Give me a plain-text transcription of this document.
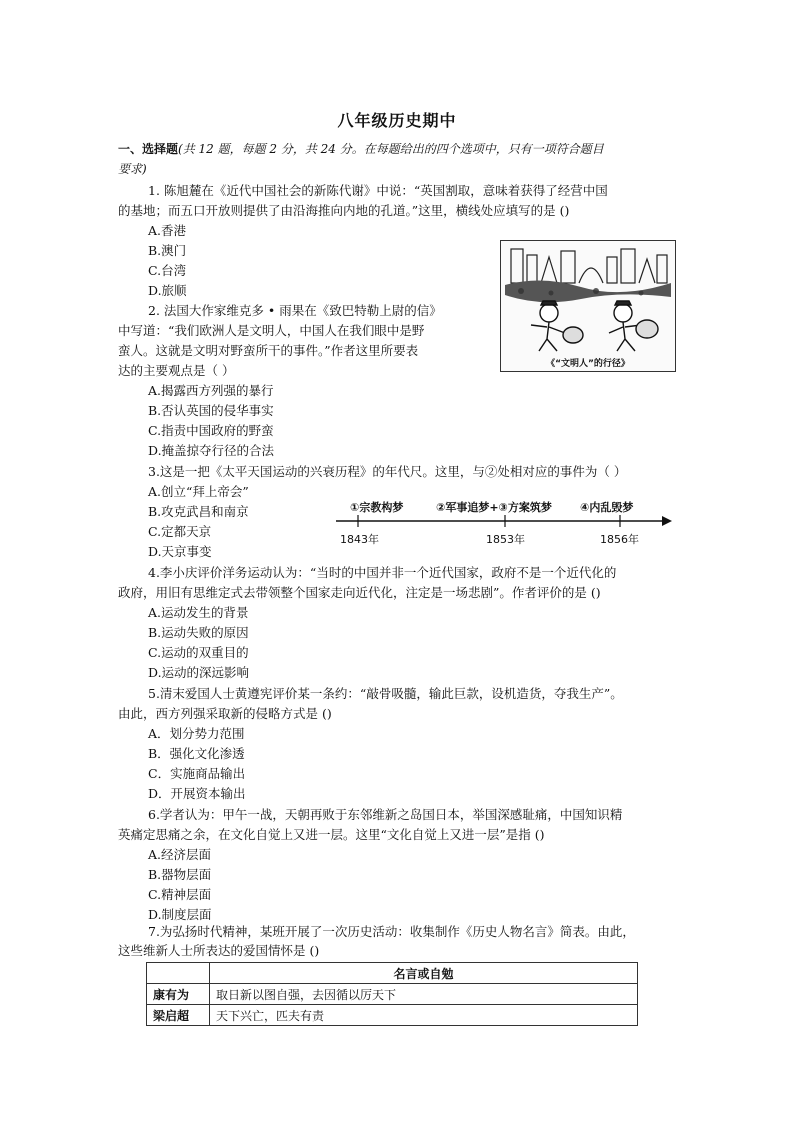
八年级历史期中
一、选择题(共 12 题，每题 2 分，共 24 分。在每题给出的四个选项中，只有一项符合题目
要求)
1. 陈旭麓在《近代中国社会的新陈代谢》中说：“英国割取，意味着获得了经营中国
的基地；而五口开放则提供了由沿海推向内地的孔道。”这里，横线处应填写的是 ()
A.香港
B.澳门
C.台湾
D.旅顺
《“文明人”的行径》
2. 法国大作家维克多 • 雨果在《致巴特勒上尉的信》
中写道：“我们欧洲人是文明人，中国人在我们眼中是野
蛮人。这就是文明对野蛮所干的事件。”作者这里所要表
达的主要观点是（ ）
A.揭露西方列强的暴行
B.否认英国的侵华事实
C.指责中国政府的野蛮
D.掩盖掠夺行径的合法
3.这是一把《太平天国运动的兴衰历程》的年代尺。这里，与②处相对应的事件为（ ）
A.创立“拜上帝会”
B.攻克武昌和南京
C.定都天京
D.天京事变
①宗教构梦	②军事追梦+③方案筑梦	④内乱毁梦
1843年	1853年	1856年
4.李小庆评价洋务运动认为：“当时的中国并非一个近代国家，政府不是一个近代化的
政府，用旧有思维定式去带领整个国家走向近代化，注定是一场悲剧”。作者评价的是 ()
A.运动发生的背景
B.运动失败的原因
C.运动的双重目的
D.运动的深远影响
5.清末爱国人士黄遵宪评价某一条约：“敲骨吸髓，输此巨款，设机造货，夺我生产”。
由此，西方列强采取新的侵略方式是 ()
A．划分势力范围
B．强化文化渗透
C．实施商品输出
D．开展资本输出
6.学者认为：甲午一战，天朝再败于东邻维新之岛国日本，举国深感耻痛，中国知识精
英痛定思痛之余，在文化自觉上又进一层。这里“文化自觉上又进一层”是指 ()
A.经济层面
B.器物层面
C.精神层面
D.制度层面
7.为弘扬时代精神，某班开展了一次历史活动：收集制作《历史人物名言》简表。由此，
这些维新人士所表达的爱国情怀是 ()
	名言或自勉
康有为	取日新以图自强，去因循以厉天下
梁启超	天下兴亡，匹夫有责
